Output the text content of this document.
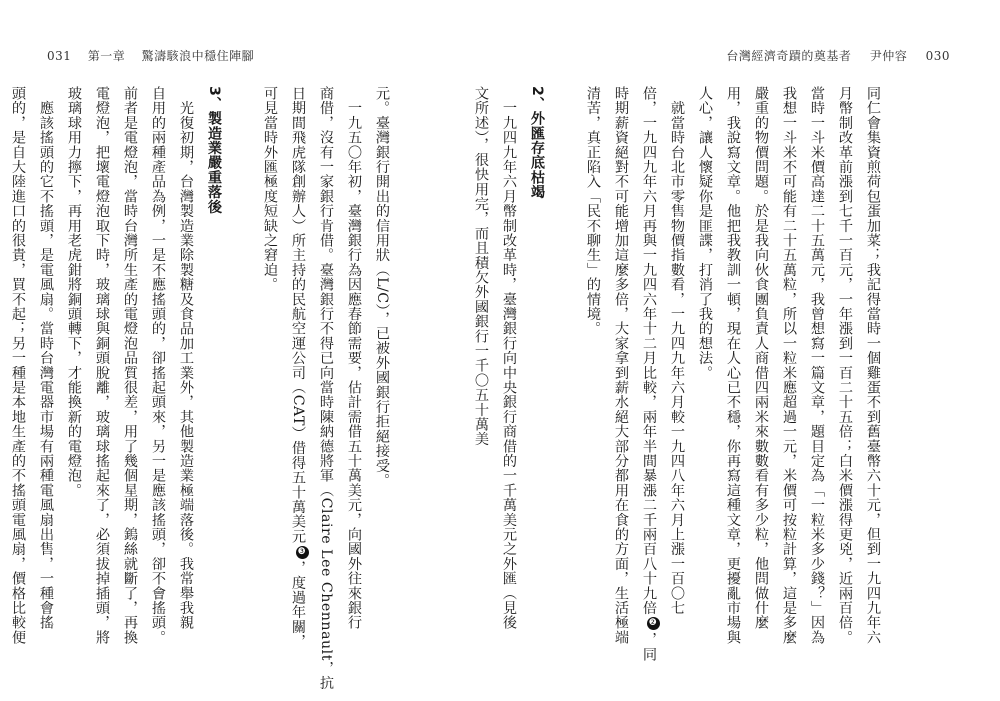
031 第一章 驚濤駭浪中穩住陣腳	台灣經濟奇蹟的奠基者 尹仲容 030
同仁會集資煎荷包蛋加菜；我記得當時一個雞蛋不到舊臺幣六十元，但到一九四九年六
月幣制改革前漲到七千一百元，一年漲到一百二十五倍；白米價漲得更兇，近兩百倍。
當時一斗米價高達二十五萬元，我曾想寫一篇文章，題目定為「一粒米多少錢？」因為
我想一斗米不可能有二十五萬粒，所以一粒米應超過一元，米價可按粒計算，這是多麼
嚴重的物價問題。於是我向伙食團負責人商借四兩米來數數看有多少粒，他問做什麼
用，我說寫文章。他把我教訓一頓，現在人心已不穩，你再寫這種文章，更擾亂市場與
人心，讓人懷疑你是匪諜，打消了我的想法。
　就當時台北市零售物價指數看，一九四九年六月較一九四八年六月上漲一百〇七
倍，一九四九年六月再與一九四六年十二月比較，兩年半間暴漲二千兩百八十九倍❷，同
時期薪資絕對不可能增加這麼多倍，大家拿到薪水絕大部分都用在食的方面，生活極端
清苦，真正陷入「民不聊生」的情境。
2、外匯存底枯竭
　一九四九年六月幣制改革時，臺灣銀行向中央銀行商借的一千萬美元之外匯（見後
文所述），很快用完，而且積欠外國銀行一千〇五十萬美
元。臺灣銀行開出的信用狀（L/C），已被外國銀行拒絕接受。
　一九五〇年初，臺灣銀行為因應春節需要，估計需借五十萬美元，向國外往來銀行
商借，沒有一家銀行肯借。臺灣銀行不得已向當時陳納德將軍（Claire Lee Chennault，抗
日期間飛虎隊創辦人）所主持的民航空運公司（CAT）借得五十萬美元❸，度過年關，
可見當時外匯極度短缺之窘迫。
3、製造業嚴重落後
　光復初期，台灣製造業除製糖及食品加工業外，其他製造業極端落後。我常舉我親
自用的兩種產品為例，一是不應搖頭的，卻搖起頭來，另一是應該搖頭，卻不會搖頭。
前者是電燈泡，當時台灣所生產的電燈泡品質很差，用了幾個星期，鎢絲就斷了，再換
電燈泡，把壞電燈泡取下時，玻璃球與銅頭脫離，玻璃球搖起來了，必須拔掉插頭，將
玻璃球用力擰下，再用老虎鉗將銅頭轉下，才能換新的電燈泡。
　應該搖頭的它不搖頭，是電風扇。當時台灣電器市場有兩種電風扇出售，一種會搖
頭的，是自大陸進口的很貴，買不起；另一種是本地生產的不搖頭電風扇，價格比較便
